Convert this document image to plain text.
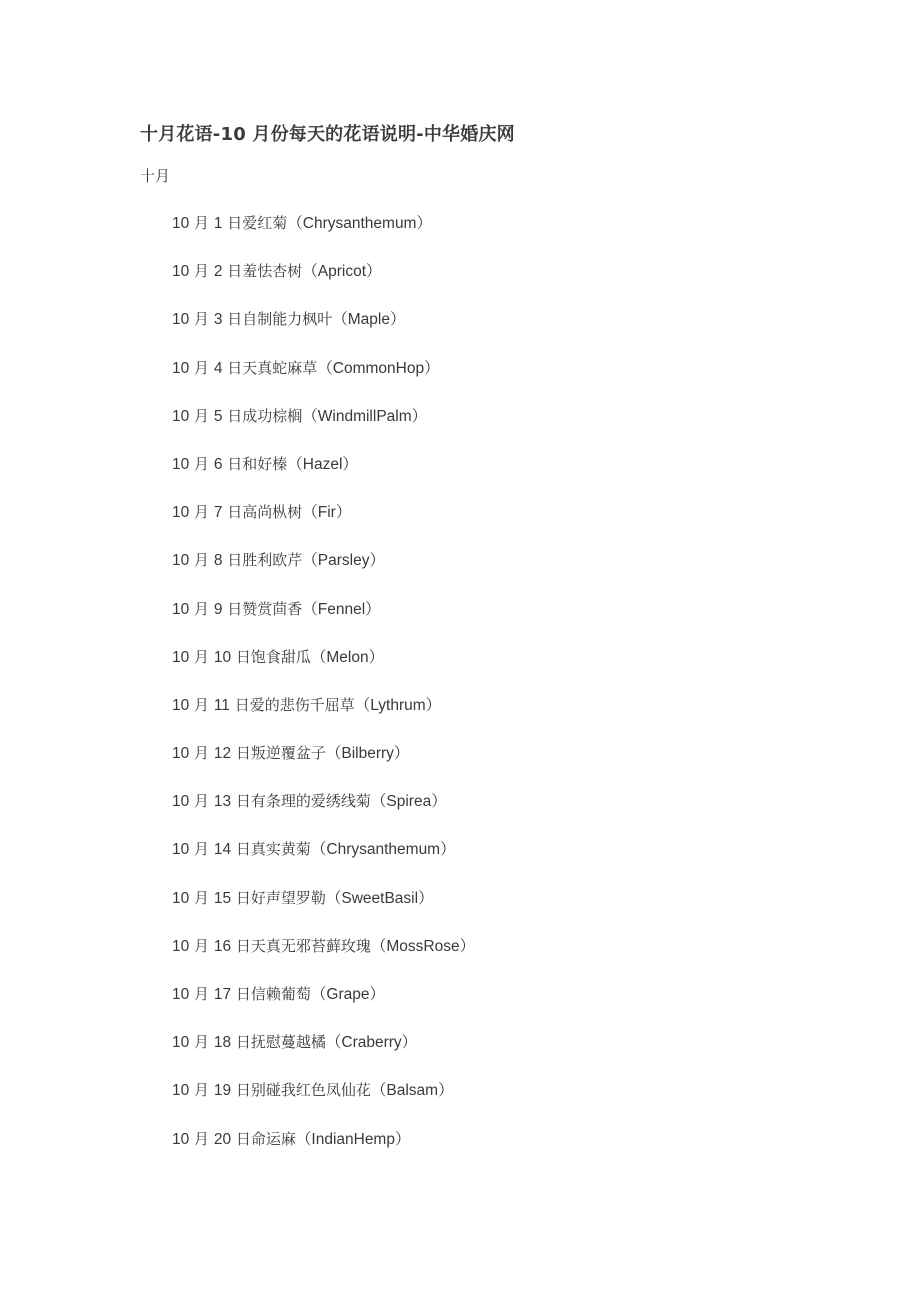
十月花语-10 月份每天的花语说明-中华婚庆网
十月
10 月 1 日爱红菊（Chrysanthemum）
10 月 2 日羞怯杏树（Apricot）
10 月 3 日自制能力枫叶（Maple）
10 月 4 日天真蛇麻草（CommonHop）
10 月 5 日成功棕榈（WindmillPalm）
10 月 6 日和好榛（Hazel）
10 月 7 日高尚枞树（Fir）
10 月 8 日胜利欧芹（Parsley）
10 月 9 日赞赏茴香（Fennel）
10 月 10 日饱食甜瓜（Melon）
10 月 11 日爱的悲伤千屈草（Lythrum）
10 月 12 日叛逆覆盆子（Bilberry）
10 月 13 日有条理的爱绣线菊（Spirea）
10 月 14 日真实黄菊（Chrysanthemum）
10 月 15 日好声望罗勒（SweetBasil）
10 月 16 日天真无邪苔藓玫瑰（MossRose）
10 月 17 日信赖葡萄（Grape）
10 月 18 日抚慰蔓越橘（Craberry）
10 月 19 日别碰我红色凤仙花（Balsam）
10 月 20 日命运麻（IndianHemp）
